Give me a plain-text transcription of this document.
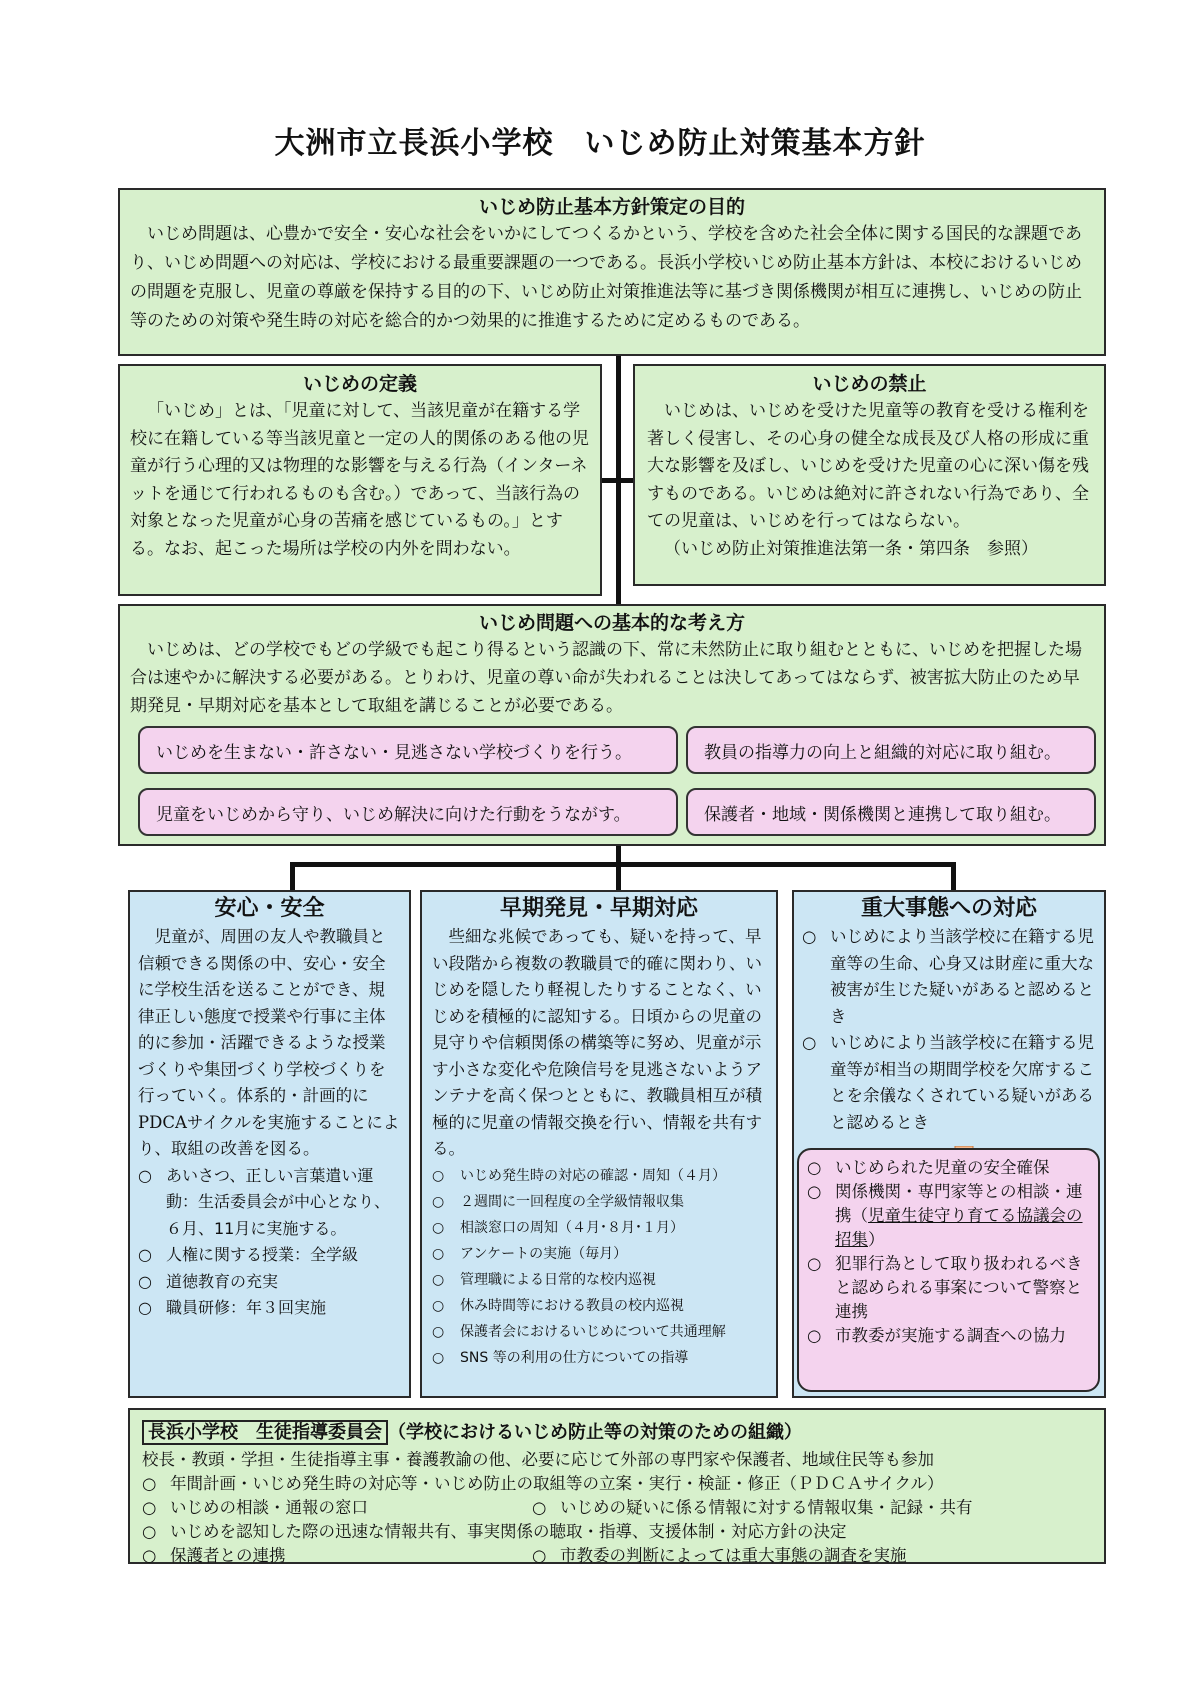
大洲市立長浜小学校　いじめ防止対策基本方針
いじめ防止基本方針策定の目的
いじめ問題は、心豊かで安全・安心な社会をいかにしてつくるかという、学校を含めた社会全体に関する国民的な課題であり、いじめ問題への対応は、学校における最重要課題の一つである。長浜小学校いじめ防止基本方針は、本校におけるいじめの問題を克服し、児童の尊厳を保持する目的の下、いじめ防止対策推進法等に基づき関係機関が相互に連携し、いじめの防止等のための対策や発生時の対応を総合的かつ効果的に推進するために定めるものである。
いじめの定義
「いじめ」とは、「児童に対して、当該児童が在籍する学校に在籍している等当該児童と一定の人的関係のある他の児童が行う心理的又は物理的な影響を与える行為（インターネットを通じて行われるものも含む。）であって、当該行為の対象となった児童が心身の苦痛を感じているもの。」とする。なお、起こった場所は学校の内外を問わない。
いじめの禁止
いじめは、いじめを受けた児童等の教育を受ける権利を著しく侵害し、その心身の健全な成長及び人格の形成に重大な影響を及ぼし、いじめを受けた児童の心に深い傷を残すものである。いじめは絶対に許されない行為であり、全ての児童は、いじめを行ってはならない。
（いじめ防止対策推進法第一条・第四条　参照）
いじめ問題への基本的な考え方
いじめは、どの学校でもどの学級でも起こり得るという認識の下、常に未然防止に取り組むとともに、いじめを把握した場合は速やかに解決する必要がある。とりわけ、児童の尊い命が失われることは決してあってはならず、被害拡大防止のため早期発見・早期対応を基本として取組を講じることが必要である。
いじめを生まない・許さない・見逃さない学校づくりを行う。	教員の指導力の向上と組織的対応に取り組む。
児童をいじめから守り、いじめ解決に向けた行動をうながす。	保護者・地域・関係機関と連携して取り組む。
安心・安全
児童が、周囲の友人や教職員と信頼できる関係の中、安心・安全に学校生活を送ることができ、規律正しい態度で授業や行事に主体的に参加・活躍できるような授業づくりや集団づくり学校づくりを行っていく。体系的・計画的にPDCAサイクルを実施することにより、取組の改善を図る。
○ あいさつ、正しい言葉遣い運動：生活委員会が中心となり、６月、11月に実施する。
○ 人権に関する授業：全学級
○ 道徳教育の充実
○ 職員研修：年３回実施
早期発見・早期対応
些細な兆候であっても、疑いを持って、早い段階から複数の教職員で的確に関わり、いじめを隠したり軽視したりすることなく、いじめを積極的に認知する。日頃からの児童の見守りや信頼関係の構築等に努め、児童が示す小さな変化や危険信号を見逃さないようアンテナを高く保つとともに、教職員相互が積極的に児童の情報交換を行い、情報を共有する。
○ いじめ発生時の対応の確認・周知（４月）
○ ２週間に一回程度の全学級情報収集
○ 相談窓口の周知（４月･８月･１月）
○ アンケートの実施（毎月）
○ 管理職による日常的な校内巡視
○ 休み時間等における教員の校内巡視
○ 保護者会におけるいじめについて共通理解
○ SNS 等の利用の仕方についての指導
重大事態への対応
○ いじめにより当該学校に在籍する児童等の生命、心身又は財産に重大な被害が生じた疑いがあると認めるとき
○ いじめにより当該学校に在籍する児童等が相当の期間学校を欠席することを余儀なくされている疑いがあると認めるとき
○ いじめられた児童の安全確保
○ 関係機関・専門家等との相談・連携（児童生徒守り育てる協議会の招集）
○ 犯罪行為として取り扱われるべきと認められる事案について警察と連携
○ 市教委が実施する調査への協力
長浜小学校　生徒指導委員会 （学校におけるいじめ防止等の対策のための組織）
校長・教頭・学担・生徒指導主事・養護教諭の他、必要に応じて外部の専門家や保護者、地域住民等も参加
○ 年間計画・いじめ発生時の対応等・いじめ防止の取組等の立案・実行・検証・修正（ＰＤＣＡサイクル）
○ いじめの相談・通報の窓口	○ いじめの疑いに係る情報に対する情報収集・記録・共有
○ いじめを認知した際の迅速な情報共有、事実関係の聴取・指導、支援体制・対応方針の決定
○ 保護者との連携	○ 市教委の判断によっては重大事態の調査を実施
